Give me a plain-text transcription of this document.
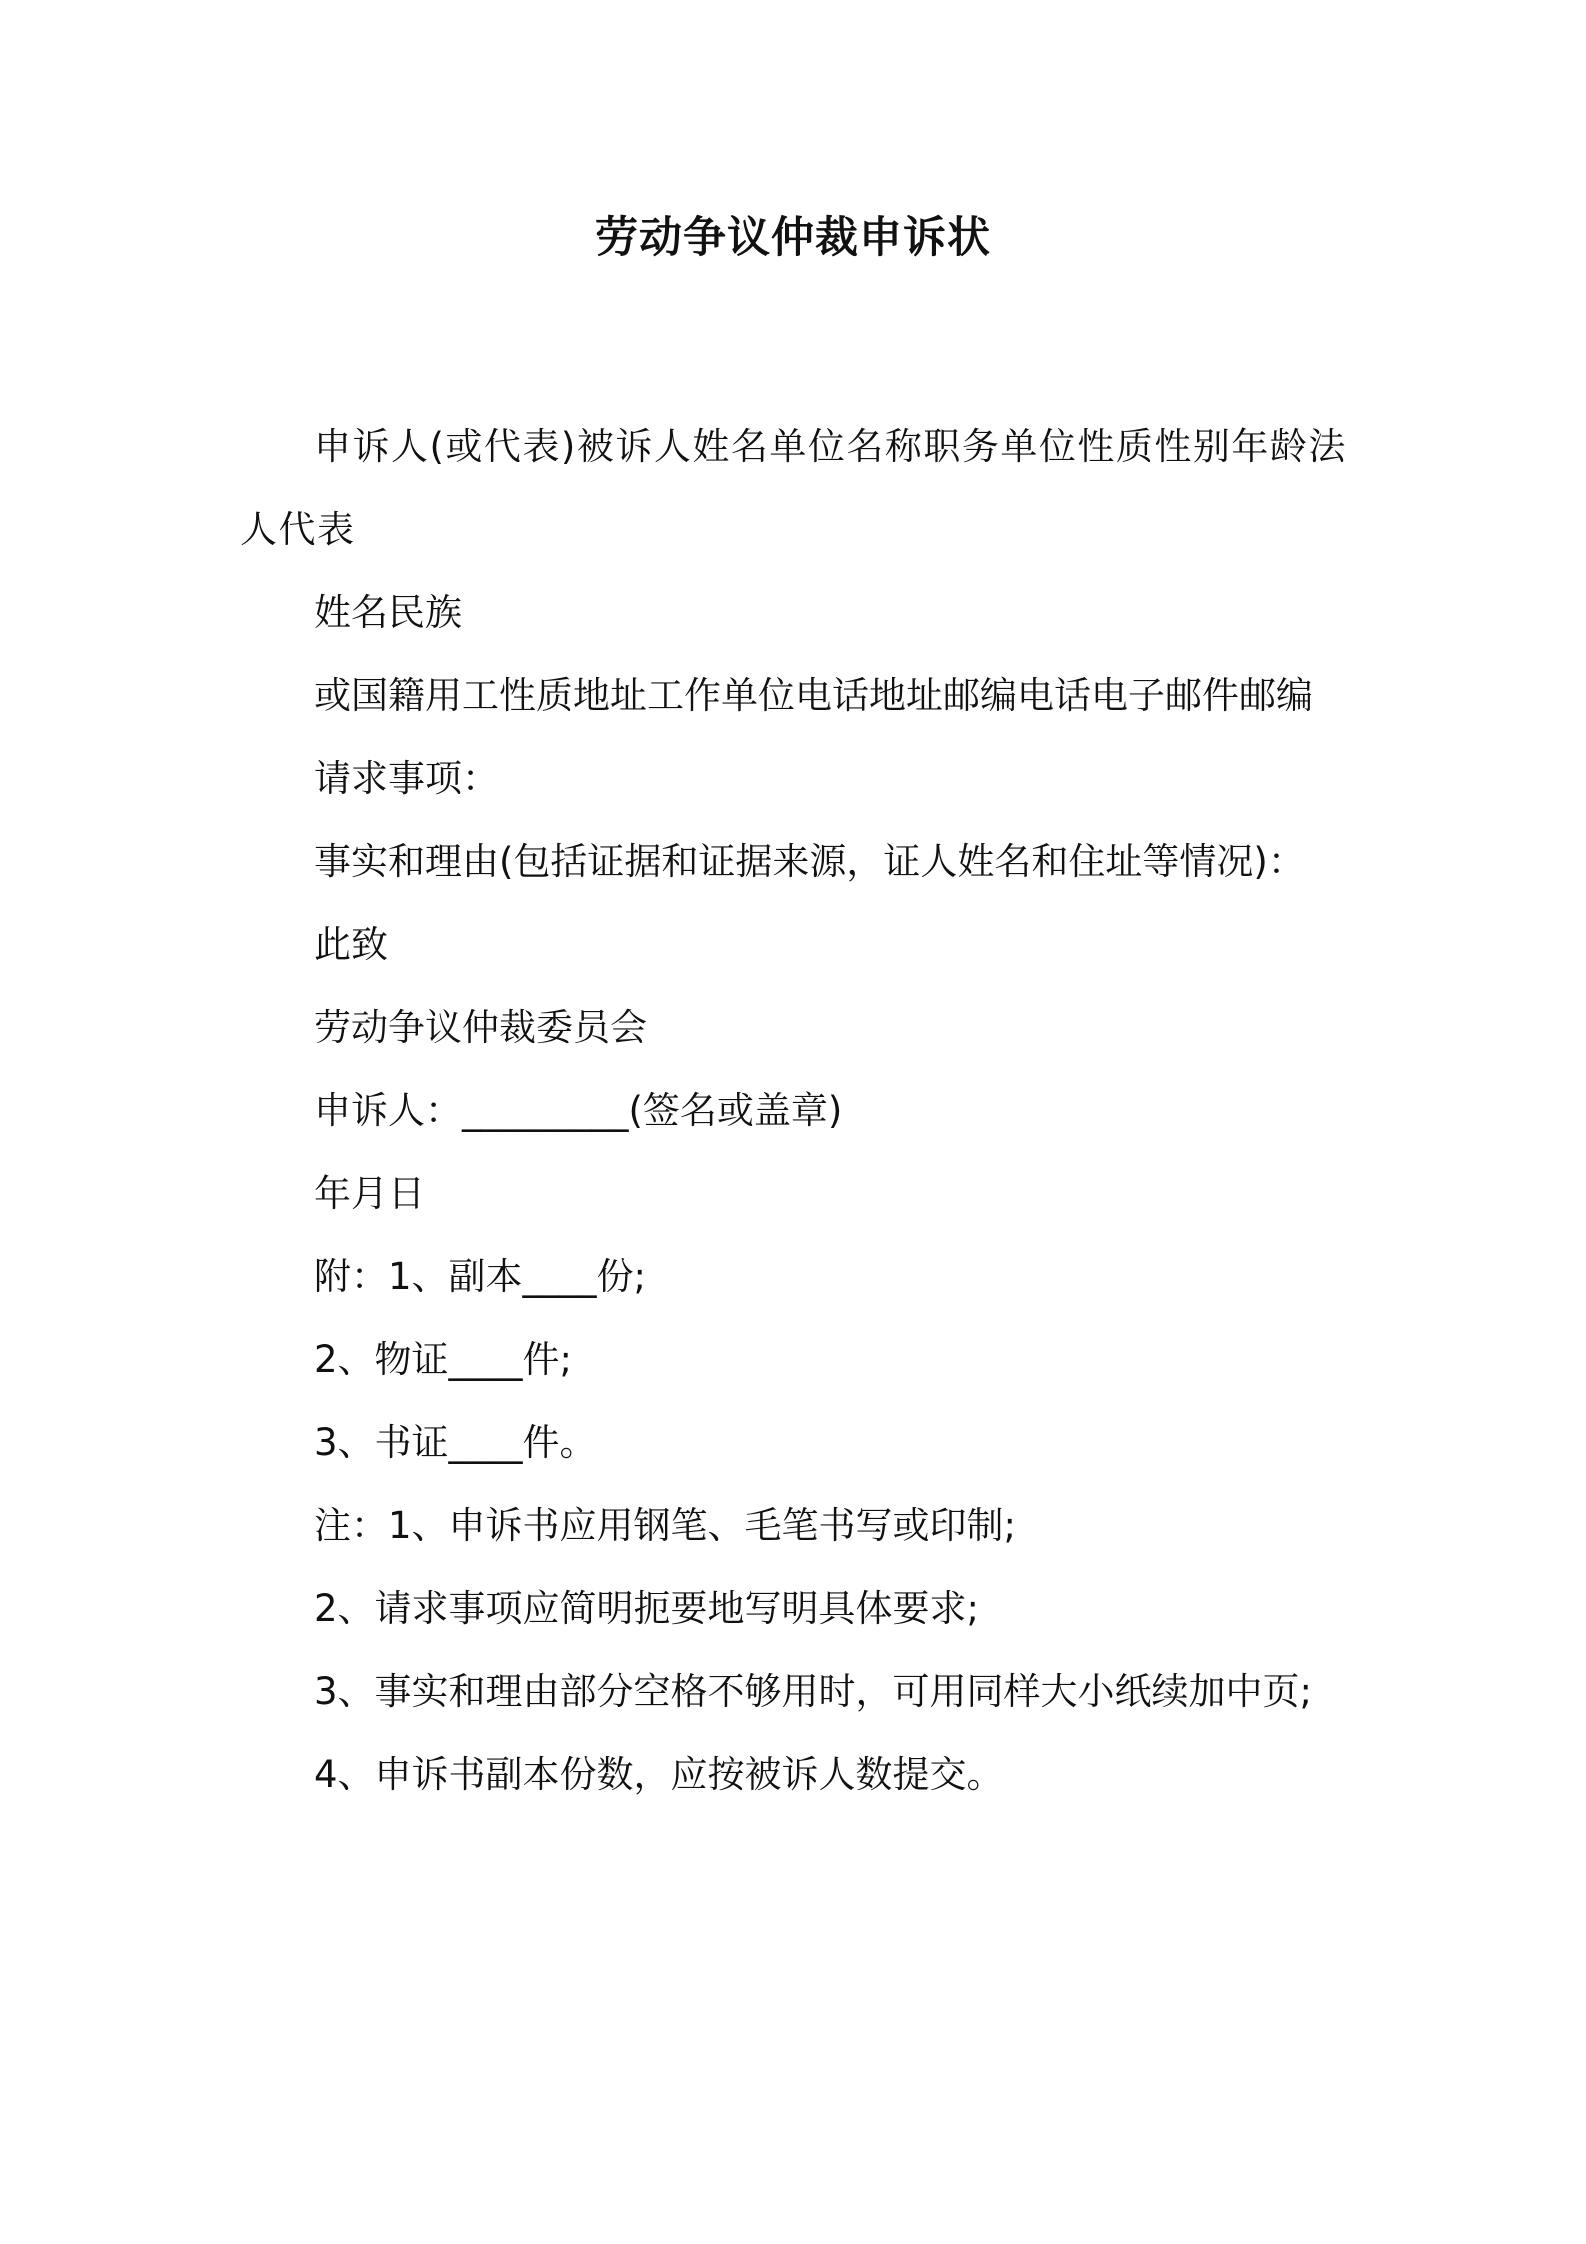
劳动争议仲裁申诉状

申诉人(或代表)被诉人姓名单位名称职务单位性质性别年龄法人代表

姓名民族

或国籍用工性质地址工作单位电话地址邮编电话电子邮件邮编

请求事项：

事实和理由(包括证据和证据来源，证人姓名和住址等情况)：

此致

劳动争议仲裁委员会

申诉人：_________(签名或盖章)

年月日

附：1、副本____份;

2、物证____件;

3、书证____件。

注：1、申诉书应用钢笔、毛笔书写或印制;

2、请求事项应简明扼要地写明具体要求;

3、事实和理由部分空格不够用时，可用同样大小纸续加中页;

4、申诉书副本份数，应按被诉人数提交。
